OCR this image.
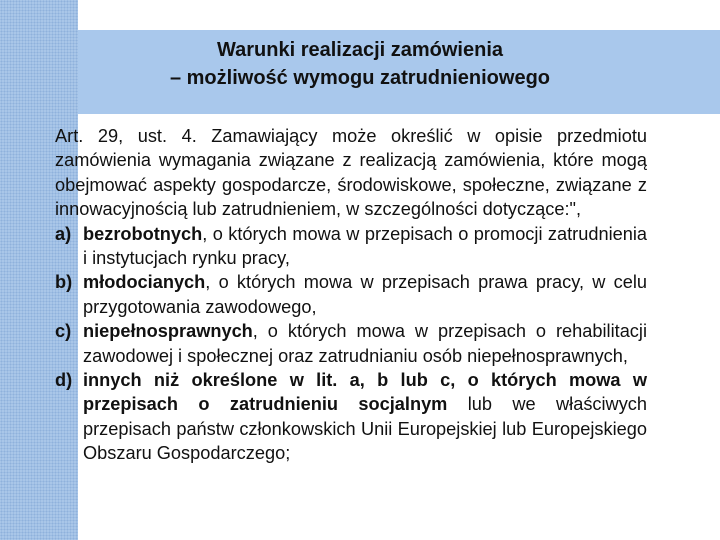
Warunki realizacji zamówienia
– możliwość wymogu zatrudnieniowego

Art. 29, ust. 4. Zamawiający może określić w opisie przedmiotu zamówienia wymagania związane z realizacją zamówienia, które mogą obejmować aspekty gospodarcze, środowiskowe, społeczne, związane z innowacyjnością lub zatrudnieniem, w szczególności dotyczące:",

a) bezrobotnych, o których mowa w przepisach o promocji zatrudnienia i instytucjach rynku pracy,

b) młodocianych, o których mowa w przepisach prawa pracy, w celu przygotowania zawodowego,

c) niepełnosprawnych, o których mowa w przepisach o rehabilitacji zawodowej i społecznej oraz zatrudnianiu osób niepełnosprawnych,

d) innych niż określone w lit. a, b lub c, o których mowa w przepisach o zatrudnieniu socjalnym lub we właściwych przepisach państw członkowskich Unii Europejskiej lub Europejskiego Obszaru Gospodarczego;
